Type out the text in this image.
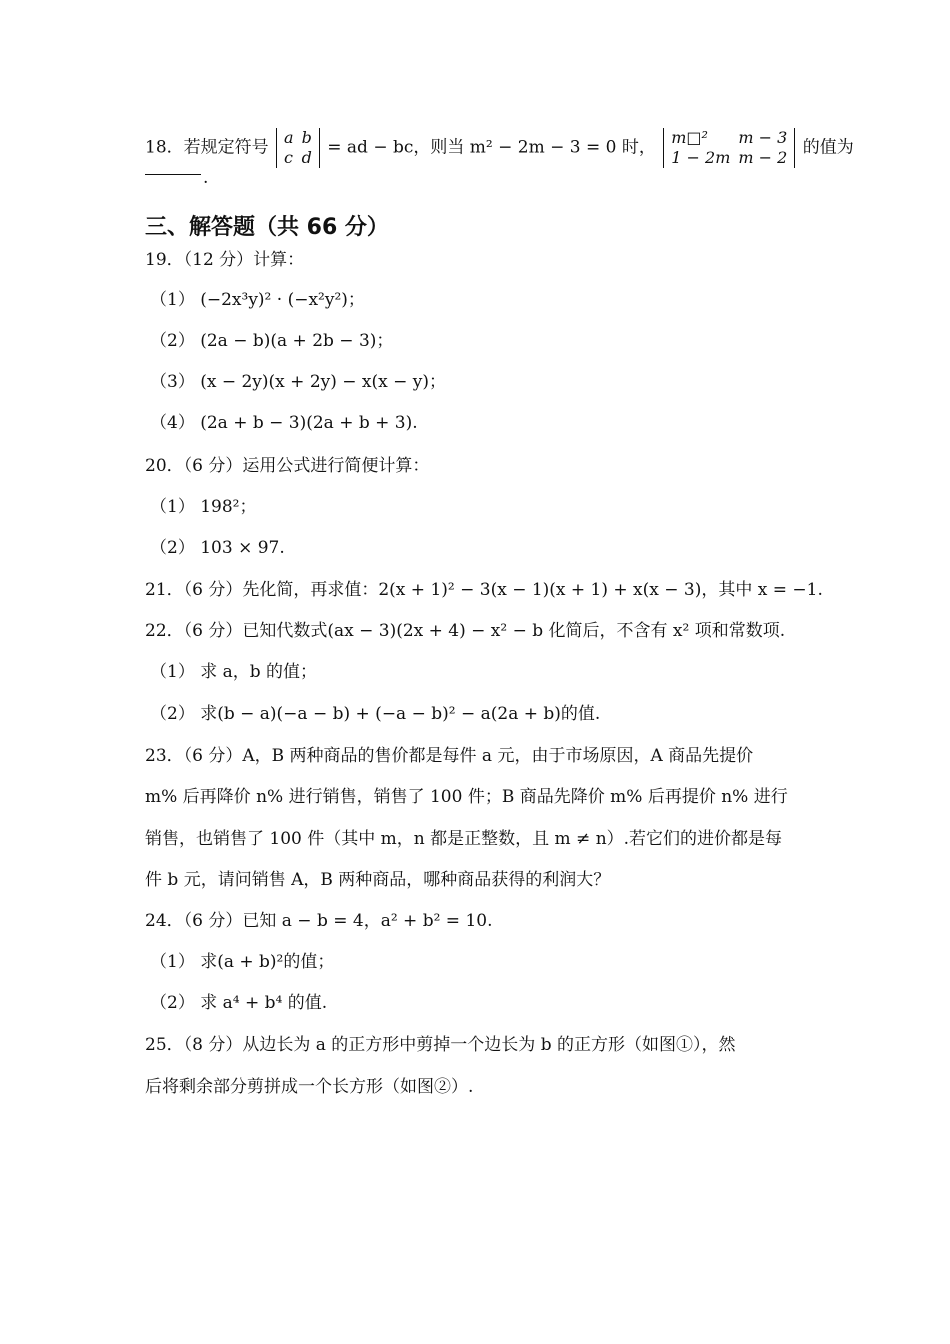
18．若规定符号 a	b
c	d = ad − bc，则当 m² − 2m − 3 = 0 时， m□²	m − 3
1 − 2m	m − 2 的值为
.
三、解答题（共 66 分）
19．（12 分）计算：
（1） (−2x³y)² · (−x²y²)；
（2） (2a − b)(a + 2b − 3)；
（3） (x − 2y)(x + 2y) − x(x − y)；
（4） (2a + b − 3)(2a + b + 3).
20．（6 分）运用公式进行简便计算：
（1） 198²；
（2） 103 × 97.
21．（6 分）先化简，再求值：2(x + 1)² − 3(x − 1)(x + 1) + x(x − 3)，其中 x = −1.
22．（6 分）已知代数式(ax − 3)(2x + 4) − x² − b 化简后，不含有 x² 项和常数项.
（1） 求 a，b 的值；
（2） 求(b − a)(−a − b) + (−a − b)² − a(2a + b)的值.
23．（6 分）A，B 两种商品的售价都是每件 a 元，由于市场原因，A 商品先提价
m% 后再降价 n% 进行销售，销售了 100 件；B 商品先降价 m% 后再提价 n% 进行
销售，也销售了 100 件（其中 m，n 都是正整数，且 m ≠ n）.若它们的进价都是每
件 b 元，请问销售 A，B 两种商品，哪种商品获得的利润大？
24．（6 分）已知 a − b = 4，a² + b² = 10.
（1） 求(a + b)²的值；
（2） 求 a⁴ + b⁴ 的值.
25．（8 分）从边长为 a 的正方形中剪掉一个边长为 b 的正方形（如图①），然
后将剩余部分剪拼成一个长方形（如图②）.
